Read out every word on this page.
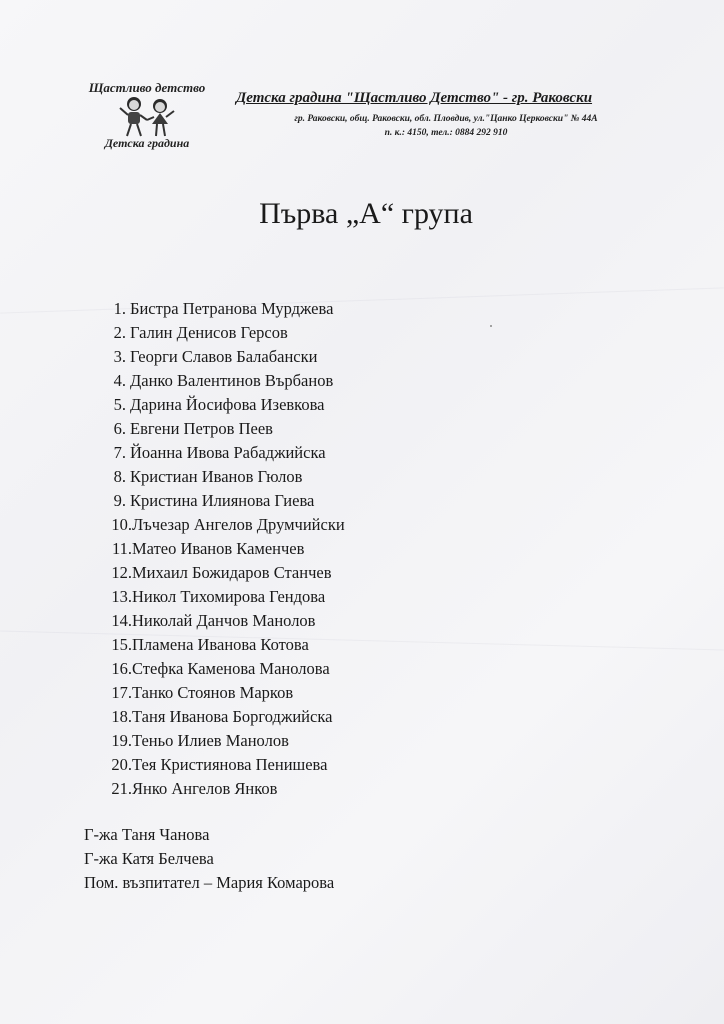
Щастливо детство
Детска градина
Детска градина "Щастливо Детство" - гр. Раковски
гр. Раковски, общ. Раковски, обл. Пловдив, ул."Цанко Церковски" № 44А
п. к.: 4150, тел.: 0884 292 910
Първа „А“ група
1. Бистра Петранова Мурджева
2. Галин Денисов Герсов
3. Георги Славов Балабански
4. Данко Валентинов Върбанов
5. Дарина Йосифова Изевкова
6. Евгени Петров Пеев
7. Йоанна Ивова Рабаджийска
8. Кристиан Иванов Гюлов
9. Кристина Илиянова Гиева
10.Лъчезар Ангелов Друмчийски
11.Матео Иванов Каменчев
12.Михаил Божидаров Станчев
13.Никол Тихомирова Гендова
14.Николай Данчов Манолов
15.Пламена Иванова Котова
16.Стефка Каменова Манолова
17.Танко Стоянов Марков
18.Таня Иванова Боргоджийска
19.Теньо Илиев Манолов
20.Тея Кристиянова Пенишева
21.Янко Ангелов Янков
Г-жа Таня Чанова
Г-жа Катя Белчева
Пом. възпитател – Мария Комарова
